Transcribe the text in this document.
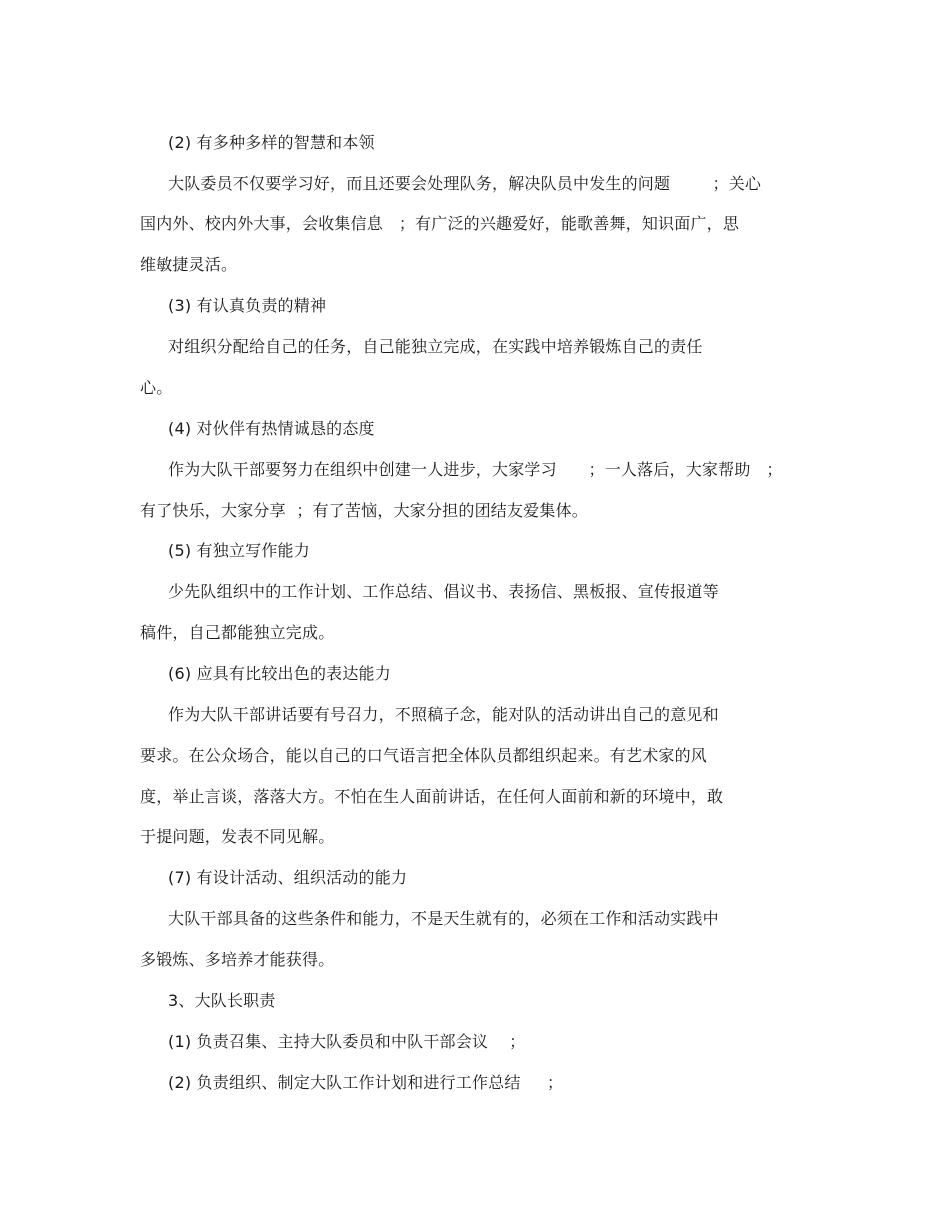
(2) 有多种多样的智慧和本领
大队委员不仅要学习好，而且还要会处理队务，解决队员中发生的问题        ；关心
国内外、校内外大事，会收集信息   ；有广泛的兴趣爱好，能歌善舞，知识面广，思
维敏捷灵活。
(3) 有认真负责的精神
对组织分配给自己的任务，自己能独立完成，在实践中培养锻炼自己的责任
心。
(4) 对伙伴有热情诚恳的态度
作为大队干部要努力在组织中创建一人进步，大家学习      ；一人落后，大家帮助   ；
有了快乐，大家分享  ；有了苦恼，大家分担的团结友爱集体。
(5) 有独立写作能力
少先队组织中的工作计划、工作总结、倡议书、表扬信、黑板报、宣传报道等
稿件，自己都能独立完成。
(6) 应具有比较出色的表达能力
作为大队干部讲话要有号召力，不照稿子念，能对队的活动讲出自己的意见和
要求。在公众场合，能以自己的口气语言把全体队员都组织起来。有艺术家的风
度，举止言谈，落落大方。不怕在生人面前讲话，在任何人面前和新的环境中，敢
于提问题，发表不同见解。
(7) 有设计活动、组织活动的能力
大队干部具备的这些条件和能力，不是天生就有的，必须在工作和活动实践中
多锻炼、多培养才能获得。
3、大队长职责
(1) 负责召集、主持大队委员和中队干部会议    ；
(2) 负责组织、制定大队工作计划和进行工作总结     ；
